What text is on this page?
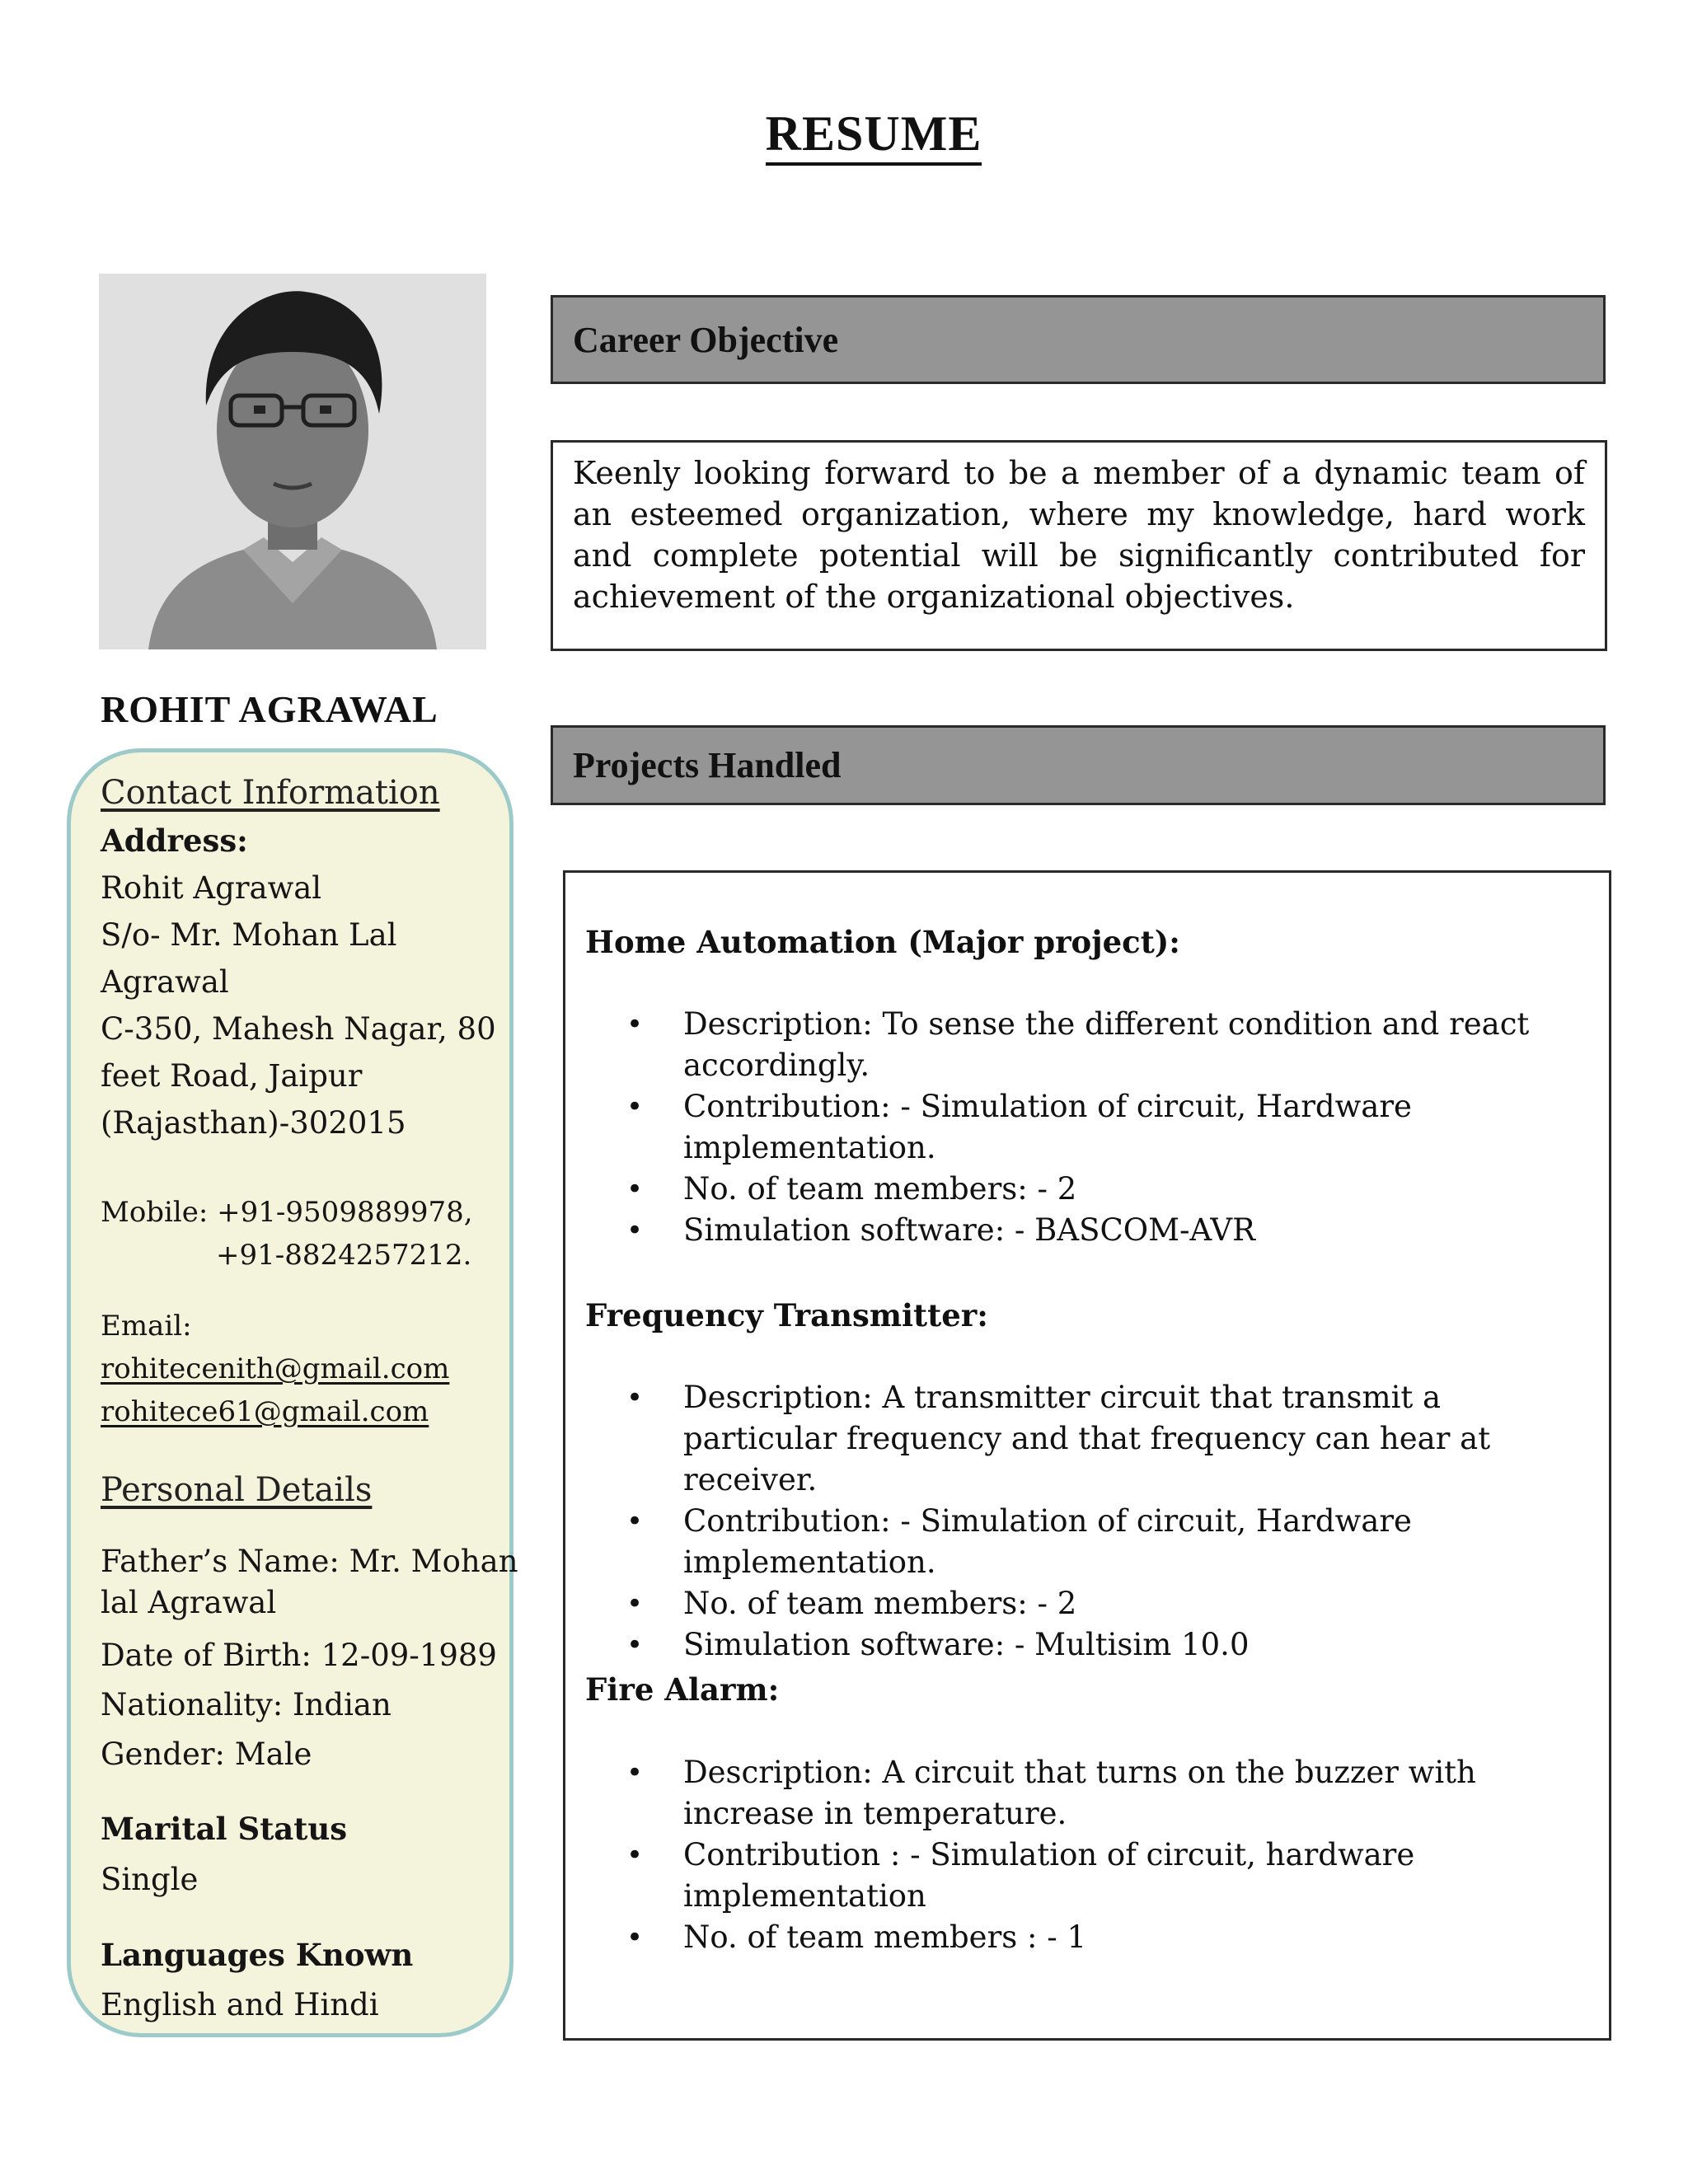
RESUME
ROHIT AGRAWAL
Contact Information
Address:
Rohit Agrawal
S/o- Mr. Mohan Lal
Agrawal
C-350, Mahesh Nagar, 80
feet Road, Jaipur
(Rajasthan)-302015
Mobile: +91-9509889978,
+91-8824257212.
Email:
rohitecenith@gmail.com
rohitece61@gmail.com
Personal Details
Father’s Name: Mr. Mohan
lal Agrawal
Date of Birth: 12-09-1989
Nationality: Indian
Gender: Male
Marital Status
Single
Languages Known
English and Hindi
Career Objective
Keenly looking forward to be a member of a dynamic team of an esteemed organization, where my knowledge, hard work and complete potential will be significantly contributed for achievement of the organizational objectives.
Projects Handled
Home Automation (Major project):
• Description: To sense the different condition and react accordingly.
• Contribution: - Simulation of circuit, Hardware implementation.
• No. of team members: - 2
• Simulation software: - BASCOM-AVR
Frequency Transmitter:
• Description: A transmitter circuit that transmit a particular frequency and that frequency can hear at receiver.
• Contribution: - Simulation of circuit, Hardware implementation.
• No. of team members: - 2
• Simulation software: - Multisim 10.0
Fire Alarm:
• Description: A circuit that turns on the buzzer with increase in temperature.
• Contribution : - Simulation of circuit, hardware implementation
• No. of team members : - 1
